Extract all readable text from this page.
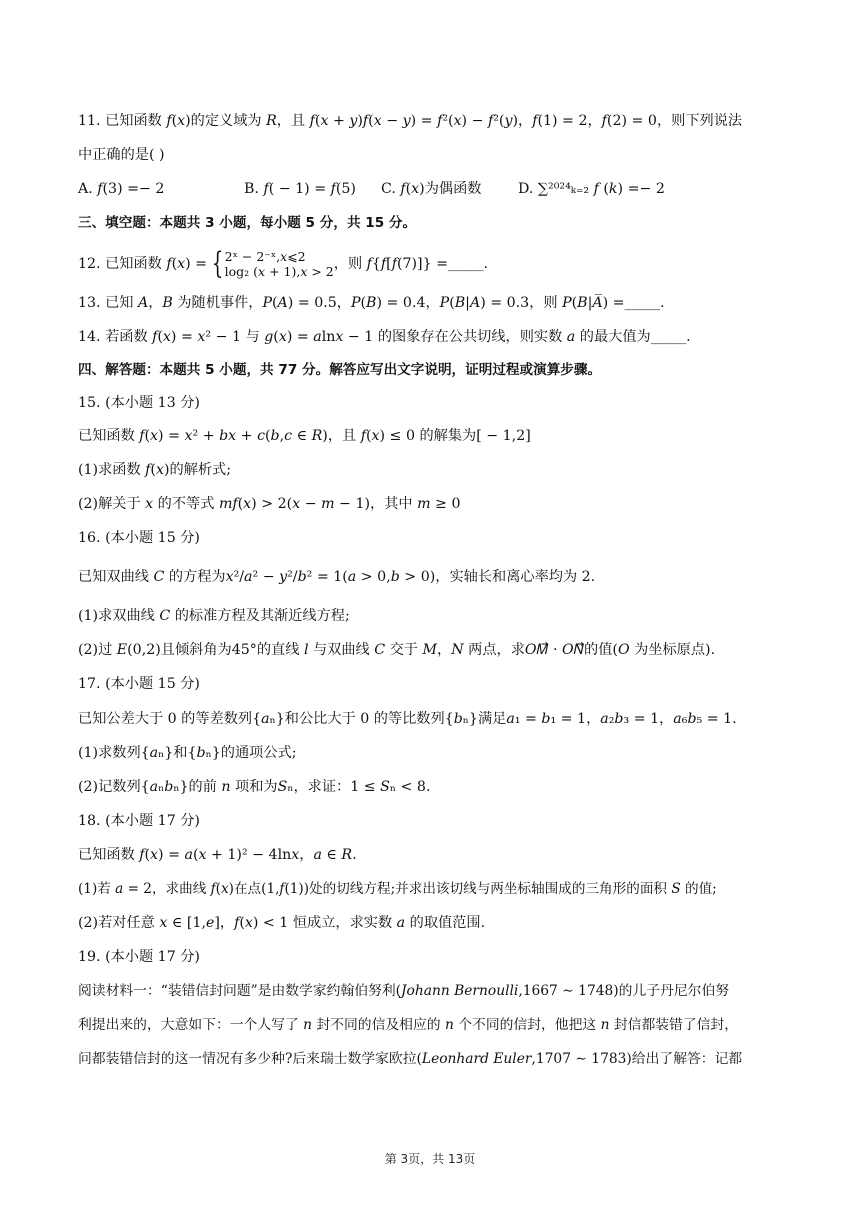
11. 已知函数 𝑓(𝑥)的定义域为 𝑅，且 𝑓(𝑥 + 𝑦)𝑓(𝑥 − 𝑦) = 𝑓²(𝑥) − 𝑓²(𝑦)，𝑓(1) = 2，𝑓(2) = 0，则下列说法
中正确的是( )
A. 𝑓(3) =− 2	B. 𝑓( − 1) = 𝑓(5) C. 𝑓(𝑥)为偶函数	D. ∑²⁰²⁴ₖ₌₂ 𝑓 (𝑘) =− 2
三、填空题：本题共 3 小题，每小题 5 分，共 15 分。
12. 已知函数 𝑓(𝑥) = { 2ˣ − 2⁻ˣ,𝑥⩽2
log₂ (𝑥 + 1),𝑥 > 2 ，则 𝑓{𝑓[𝑓(7)]} =_____.
13. 已知 𝐴，𝐵 为随机事件，𝑃(𝐴) = 0.5，𝑃(𝐵) = 0.4，𝑃(𝐵|𝐴) = 0.3，则 𝑃(𝐵|𝐴̅) =_____.
14. 若函数 𝑓(𝑥) = 𝑥² − 1 与 𝑔(𝑥) = 𝑎ln𝑥 − 1 的图象存在公共切线，则实数 𝑎 的最大值为_____.
四、解答题：本题共 5 小题，共 77 分。解答应写出文字说明，证明过程或演算步骤。
15. (本小题 13 分)
已知函数 𝑓(𝑥) = 𝑥² + 𝑏𝑥 + 𝑐(𝑏,𝑐 ∈ 𝑅)，且 𝑓(𝑥) ≤ 0 的解集为[ − 1,2]
(1)求函数 𝑓(𝑥)的解析式;
(2)解关于 𝑥 的不等式 𝑚𝑓(𝑥) > 2(𝑥 − 𝑚 − 1)，其中 𝑚 ≥ 0
16. (本小题 15 分)
已知双曲线 𝐶 的方程为𝑥²/𝑎² − 𝑦²/𝑏² = 1(𝑎 > 0,𝑏 > 0)，实轴长和离心率均为 2.
(1)求双曲线 𝐶 的标准方程及其渐近线方程;
(2)过 𝐸(0,2)且倾斜角为45°的直线 𝑙 与双曲线 𝐶 交于 𝑀，𝑁 两点，求𝑂𝑀⃗ · 𝑂𝑁⃗的值(𝑂 为坐标原点).
17. (本小题 15 分)
已知公差大于 0 的等差数列{𝑎ₙ}和公比大于 0 的等比数列{𝑏ₙ}满足𝑎₁ = 𝑏₁ = 1，𝑎₂𝑏₃ = 1，𝑎₆𝑏₅ = 1.
(1)求数列{𝑎ₙ}和{𝑏ₙ}的通项公式;
(2)记数列{𝑎ₙ𝑏ₙ}的前 𝑛 项和为𝑆ₙ，求证：1 ≤ 𝑆ₙ < 8.
18. (本小题 17 分)
已知函数 𝑓(𝑥) = 𝑎(𝑥 + 1)² − 4ln𝑥，𝑎 ∈ 𝑅.
(1)若 𝑎 = 2，求曲线 𝑓(𝑥)在点(1,𝑓(1))处的切线方程;并求出该切线与两坐标轴围成的三角形的面积 𝑆 的值;
(2)若对任意 𝑥 ∈ [1,𝑒]，𝑓(𝑥) < 1 恒成立，求实数 𝑎 的取值范围.
19. (本小题 17 分)
阅读材料一：“装错信封问题”是由数学家约翰伯努利(𝐽𝑜ℎ𝑎𝑛𝑛 𝐵𝑒𝑟𝑛𝑜𝑢𝑙𝑙𝑖,1667 ∼ 1748)的儿子丹尼尔伯努
利提出来的，大意如下：一个人写了 𝑛 封不同的信及相应的 𝑛 个不同的信封，他把这 𝑛 封信都装错了信封，
问都装错信封的这一情况有多少种?后来瑞士数学家欧拉(𝐿𝑒𝑜𝑛ℎ𝑎𝑟𝑑 𝐸𝑢𝑙𝑒𝑟,1707 ∼ 1783)给出了解答：记都
第 3页，共 13页
